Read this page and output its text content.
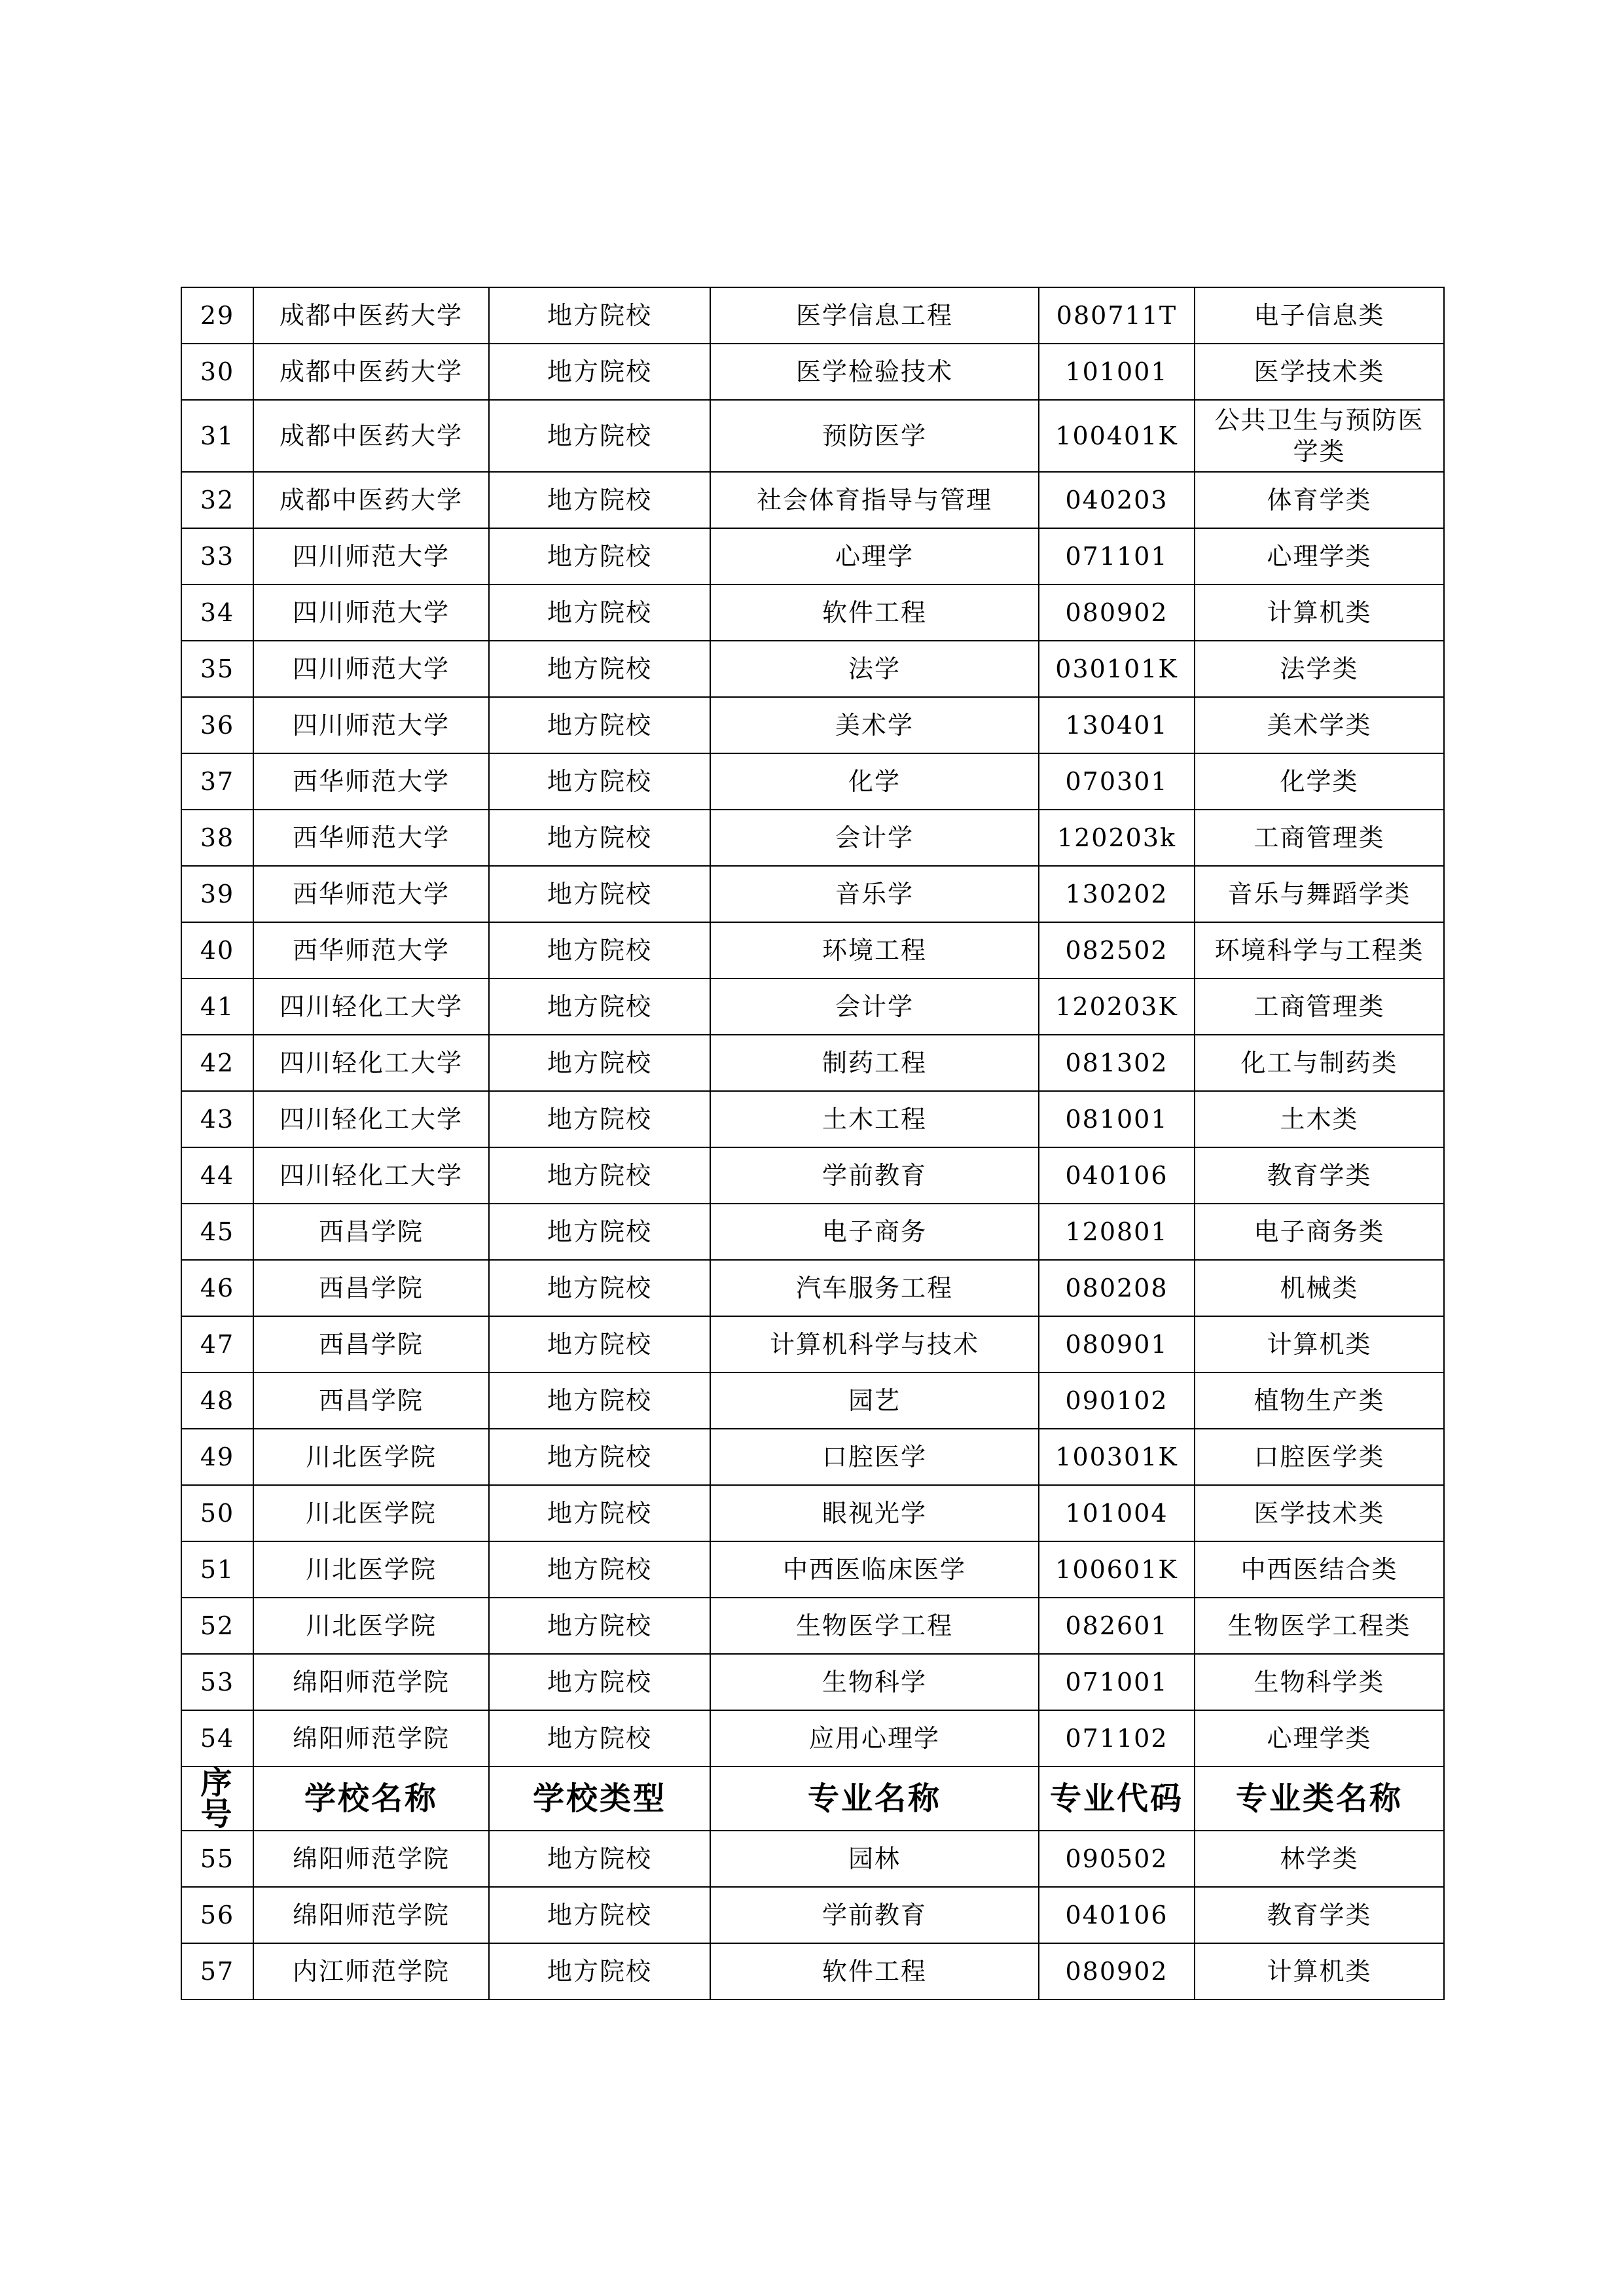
29	成都中医药大学	地方院校	医学信息工程	080711T	电子信息类
30	成都中医药大学	地方院校	医学检验技术	101001	医学技术类
31	成都中医药大学	地方院校	预防医学	100401K	公共卫生与预防医学类
32	成都中医药大学	地方院校	社会体育指导与管理	040203	体育学类
33	四川师范大学	地方院校	心理学	071101	心理学类
34	四川师范大学	地方院校	软件工程	080902	计算机类
35	四川师范大学	地方院校	法学	030101K	法学类
36	四川师范大学	地方院校	美术学	130401	美术学类
37	西华师范大学	地方院校	化学	070301	化学类
38	西华师范大学	地方院校	会计学	120203k	工商管理类
39	西华师范大学	地方院校	音乐学	130202	音乐与舞蹈学类
40	西华师范大学	地方院校	环境工程	082502	环境科学与工程类
41	四川轻化工大学	地方院校	会计学	120203K	工商管理类
42	四川轻化工大学	地方院校	制药工程	081302	化工与制药类
43	四川轻化工大学	地方院校	土木工程	081001	土木类
44	四川轻化工大学	地方院校	学前教育	040106	教育学类
45	西昌学院	地方院校	电子商务	120801	电子商务类
46	西昌学院	地方院校	汽车服务工程	080208	机械类
47	西昌学院	地方院校	计算机科学与技术	080901	计算机类
48	西昌学院	地方院校	园艺	090102	植物生产类
49	川北医学院	地方院校	口腔医学	100301K	口腔医学类
50	川北医学院	地方院校	眼视光学	101004	医学技术类
51	川北医学院	地方院校	中西医临床医学	100601K	中西医结合类
52	川北医学院	地方院校	生物医学工程	082601	生物医学工程类
53	绵阳师范学院	地方院校	生物科学	071001	生物科学类
54	绵阳师范学院	地方院校	应用心理学	071102	心理学类
序号	学校名称	学校类型	专业名称	专业代码	专业类名称
55	绵阳师范学院	地方院校	园林	090502	林学类
56	绵阳师范学院	地方院校	学前教育	040106	教育学类
57	内江师范学院	地方院校	软件工程	080902	计算机类
